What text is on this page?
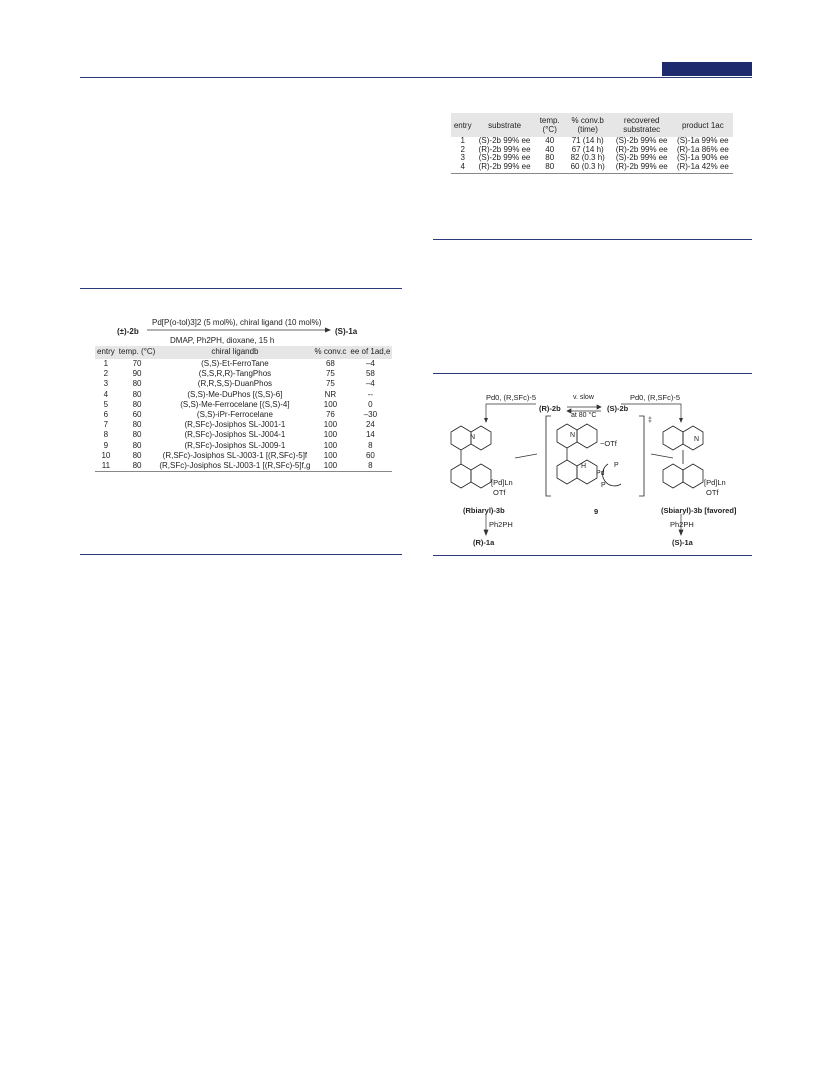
entry	substrate	temp. (°C)	% conv.b (time)	recovered substratec	product 1ac
1	(S)-2b 99% ee	40	71 (14 h)	(S)-2b 99% ee	(S)-1a 99% ee
2	(R)-2b 99% ee	40	67 (14 h)	(R)-2b 99% ee	(R)-1a 86% ee
3	(S)-2b 99% ee	80	82 (0.3 h)	(S)-2b 99% ee	(S)-1a 90% ee
4	(R)-2b 99% ee	80	60 (0.3 h)	(R)-2b 99% ee	(R)-1a 42% ee
Pd[P(o-tol)3]2 (5 mol%), chiral ligand (10 mol%)
(±)-2b	(S)-1a
DMAP, Ph2PH, dioxane, 15 h
entry	temp. (°C)	chiral ligandb	% conv.c	ee of 1ad,e
1	70	(S,S)-Et-FerroTane	68	–4
2	90	(S,S,R,R)-TangPhos	75	58
3	80	(R,R,S,S)-DuanPhos	75	–4
4	80	(S,S)-Me-DuPhos [(S,S)-6]	NR	--
5	80	(S,S)-Me-Ferrocelane [(S,S)-4]	100	0
6	60	(S,S)-iPr-Ferrocelane	76	–30
7	80	(R,SFc)-Josiphos SL-J001-1	100	24
8	80	(R,SFc)-Josiphos SL-J004-1	100	14
9	80	(R,SFc)-Josiphos SL-J009-1	100	8
10	80	(R,SFc)-Josiphos SL-J003-1 [(R,SFc)-5]f	100	60
11	80	(R,SFc)-Josiphos SL-J003-1 [(R,SFc)-5]f,g	100	8
Pd0, (R,SFc)-5	Pd0, (R,SFc)-5
(R)-2b	(S)-2b
v. slow
at 80 °C
N	N
N
[Pd]Ln
OTf
[Pd]Ln
OTf
−OTf
H
Pd
P
P
‡
9
(Rbiaryl)-3b	(Sbiaryl)-3b [favored]
Ph2PH	Ph2PH
(R)-1a	(S)-1a
